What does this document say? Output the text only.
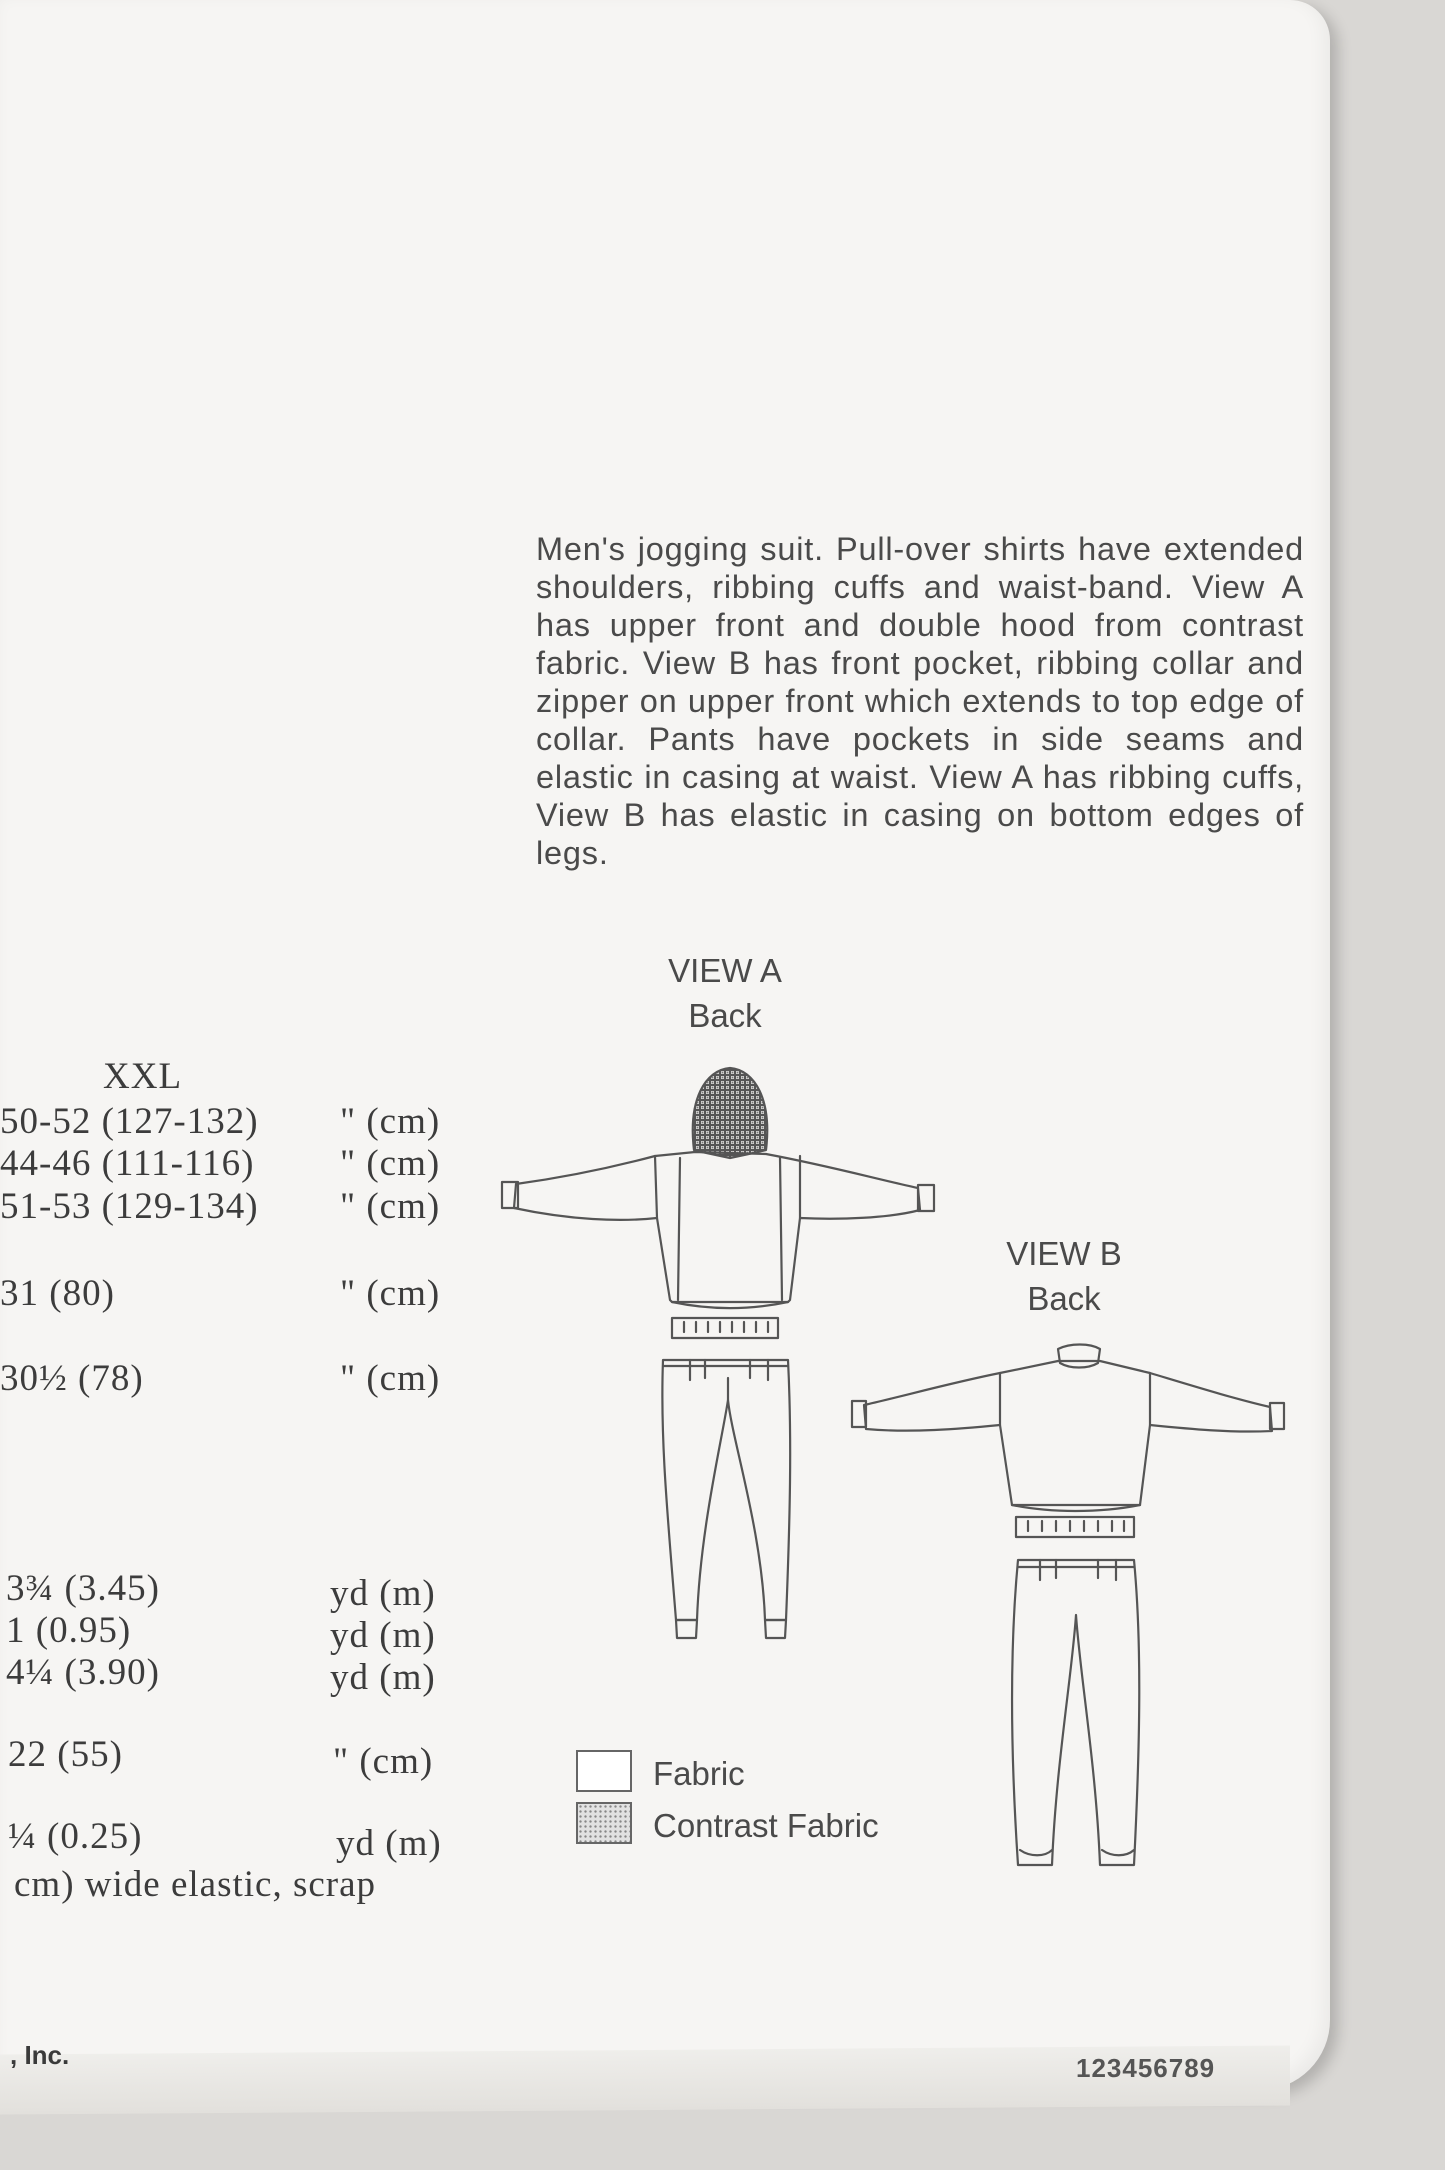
Men's jogging suit. Pull-over shirts have extended shoulders, ribbing cuffs and waist-band. View A has upper front and double hood from contrast fabric. View B has front pocket, ribbing collar and zipper on upper front which extends to top edge of collar. Pants have pockets in side seams and elastic in casing at waist. View A has ribbing cuffs, View B has elastic in casing on bottom edges of legs.

XXL
50-52 (127-132) " (cm)
44-46 (111-116) " (cm)
51-53 (129-134) " (cm)
31 (80)	" (cm)
30½ (78)	" (cm)
3¾ (3.45)	yd (m)
1 (0.95)	yd (m)
4¼ (3.90)	yd (m)
22 (55)	" (cm)
¼ (0.25)	yd (m)
cm) wide elastic, scrap
VIEW A
Back
VIEW B
Back
Fabric
Contrast Fabric
, Inc.	123456789
